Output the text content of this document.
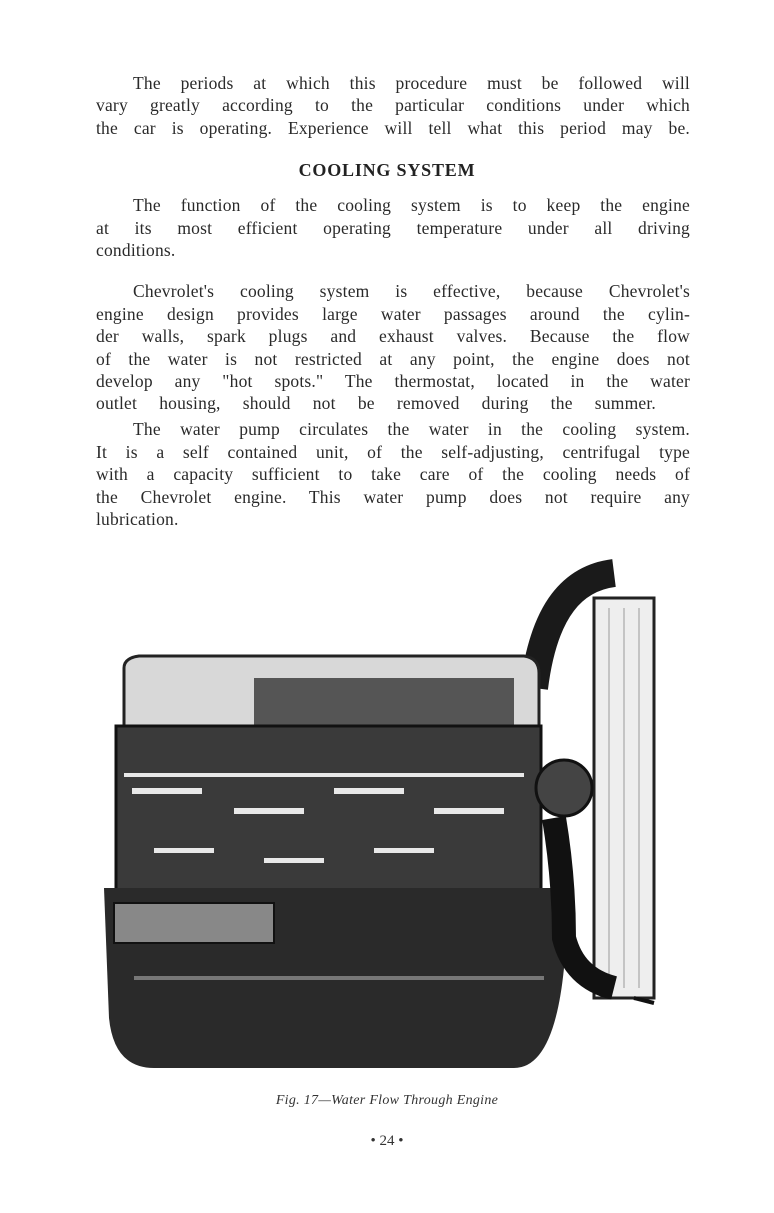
The periods at which this procedure must be followed will
vary greatly according to the particular conditions under which
the car is operating. Experience will tell what this period may be.
COOLING SYSTEM
The function of the cooling system is to keep the engine
at its most efficient operating temperature under all driving
conditions.
Chevrolet's cooling system is effective, because Chevrolet's
engine design provides large water passages around the cylin-
der walls, spark plugs and exhaust valves. Because the flow
of the water is not restricted at any point, the engine does not
develop any "hot spots." The thermostat, located in the water
outlet housing, should not be removed during the summer.
The water pump circulates the water in the cooling system.
It is a self contained unit, of the self-adjusting, centrifugal type
with a capacity sufficient to take care of the cooling needs of
the Chevrolet engine. This water pump does not require any
lubrication.
Fig. 17—Water Flow Through Engine
• 24 •
